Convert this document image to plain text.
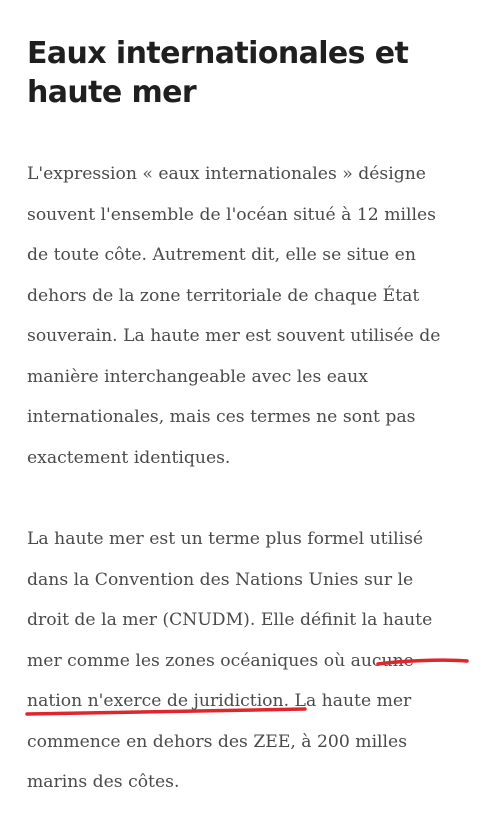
Eaux internationales et
haute mer

L'expression « eaux internationales » désigne
souvent l'ensemble de l'océan situé à 12 milles
de toute côte. Autrement dit, elle se situe en
dehors de la zone territoriale de chaque État
souverain. La haute mer est souvent utilisée de
manière interchangeable avec les eaux
internationales, mais ces termes ne sont pas
exactement identiques.

La haute mer est un terme plus formel utilisé
dans la Convention des Nations Unies sur le
droit de la mer (CNUDM). Elle définit la haute
mer comme les zones océaniques où aucune
nation n'exerce de juridiction. La haute mer
commence en dehors des ZEE, à 200 milles
marins des côtes.
